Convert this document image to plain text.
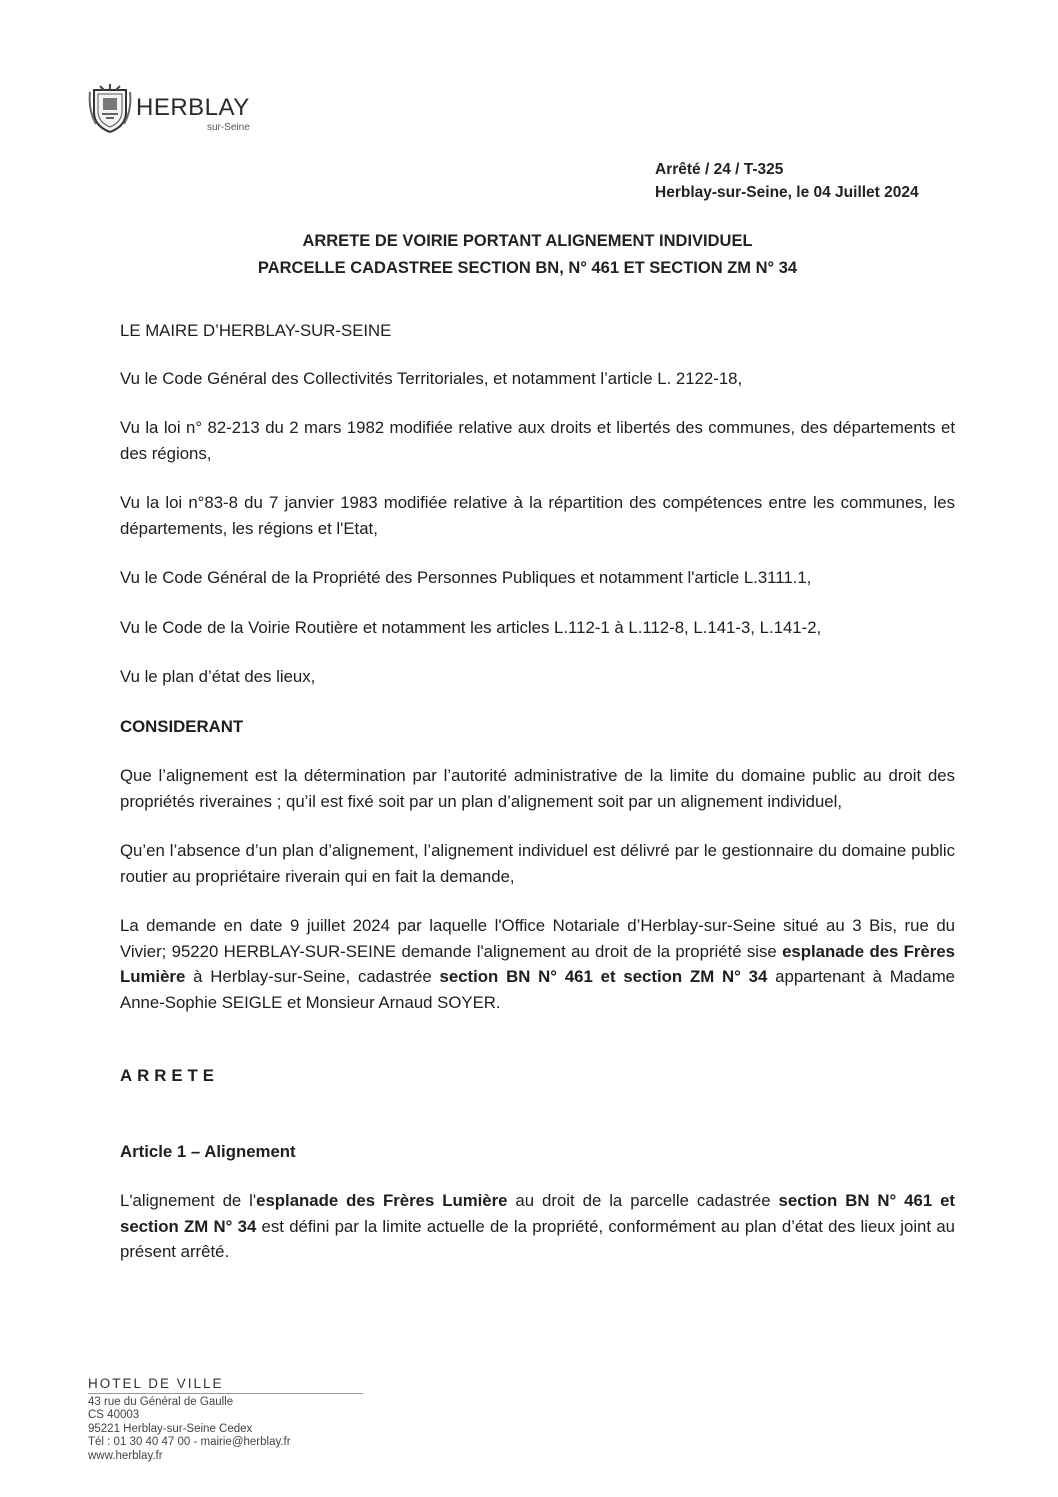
HERBLAY
sur-Seine
Arrêté / 24 / T-325
Herblay-sur-Seine, le 04 Juillet 2024
ARRETE DE VOIRIE PORTANT ALIGNEMENT INDIVIDUEL
PARCELLE CADASTREE SECTION BN, N° 461 ET SECTION ZM N° 34

LE MAIRE D’HERBLAY-SUR-SEINE

Vu le Code Général des Collectivités Territoriales, et notamment l’article L. 2122-18,

Vu la loi n° 82-213 du 2 mars 1982 modifiée relative aux droits et libertés des communes, des départements et des régions,

Vu la loi n°83-8 du 7 janvier 1983 modifiée relative à la répartition des compétences entre les communes, les départements, les régions et l'Etat,

Vu le Code Général de la Propriété des Personnes Publiques et notamment l'article L.3111.1,

Vu le Code de la Voirie Routière et notamment les articles L.112-1 à L.112-8, L.141-3, L.141-2,

Vu le plan d’état des lieux,

CONSIDERANT

Que l’alignement est la détermination par l’autorité administrative de la limite du domaine public au droit des propriétés riveraines ; qu’il est fixé soit par un plan d’alignement soit par un alignement individuel,

Qu’en l’absence d’un plan d’alignement, l’alignement individuel est délivré par le gestionnaire du domaine public routier au propriétaire riverain qui en fait la demande,

La demande en date 9 juillet 2024 par laquelle l'Office Notariale d’Herblay-sur-Seine situé au 3 Bis, rue du Vivier; 95220 HERBLAY-SUR-SEINE demande l'alignement au droit de la propriété sise esplanade des Frères Lumière à Herblay-sur-Seine, cadastrée section BN N° 461 et section ZM N° 34 appartenant à Madame Anne-Sophie SEIGLE et Monsieur Arnaud SOYER.

ARRETE

Article 1 – Alignement

L'alignement de l'esplanade des Frères Lumière au droit de la parcelle cadastrée section BN N° 461 et section ZM N° 34 est défini par la limite actuelle de la propriété, conformément au plan d’état des lieux joint au présent arrêté.

HOTEL DE VILLE
43 rue du Général de Gaulle
CS 40003
95221 Herblay-sur-Seine Cedex
Tél : 01 30 40 47 00 - mairie@herblay.fr
www.herblay.fr
